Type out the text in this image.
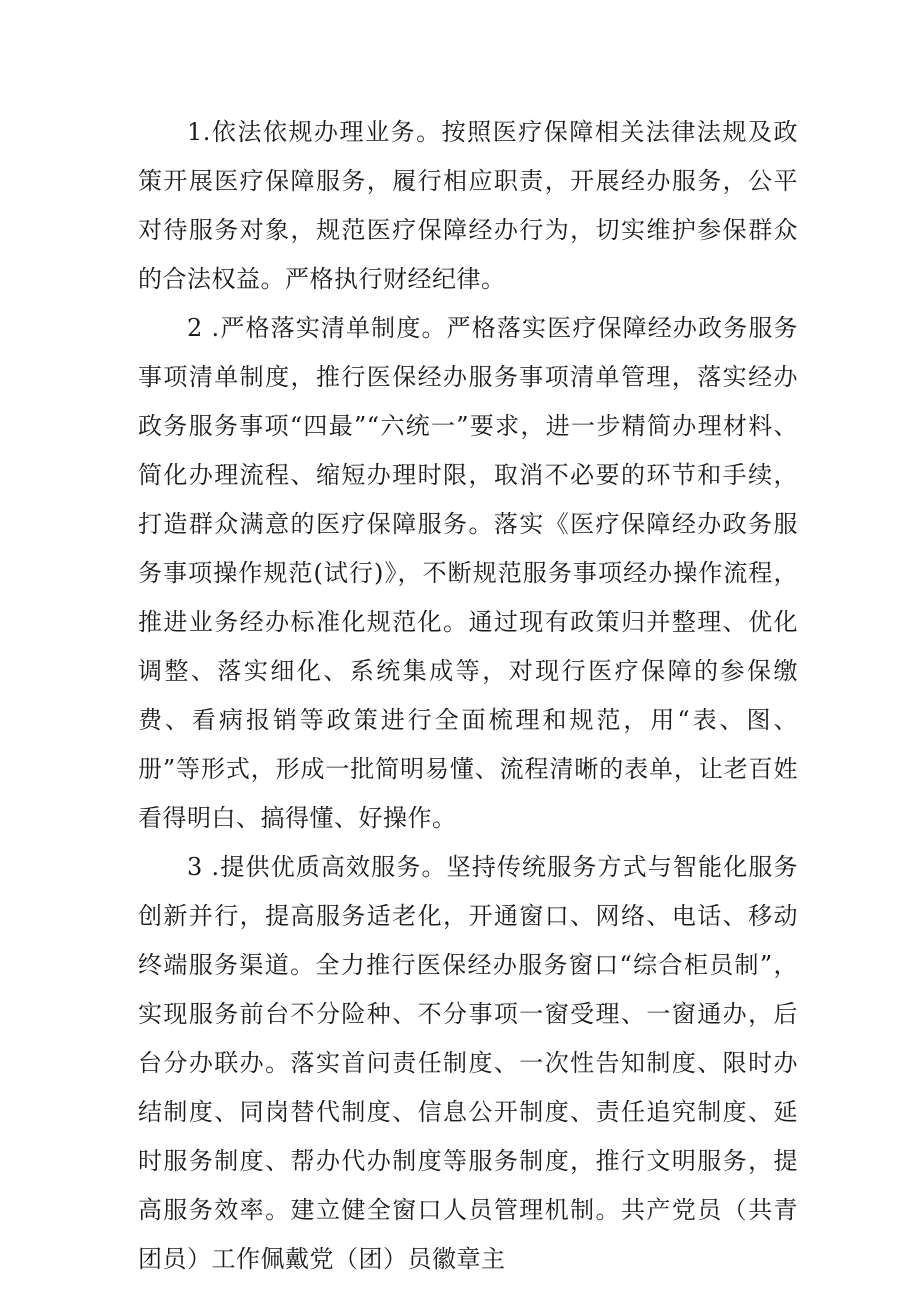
1.依法依规办理业务。按照医疗保障相关法律法规及政策开展医疗保障服务，履行相应职责，开展经办服务，公平对待服务对象，规范医疗保障经办行为，切实维护参保群众的合法权益。严格执行财经纪律。

2 .严格落实清单制度。严格落实医疗保障经办政务服务事项清单制度，推行医保经办服务事项清单管理，落实经办政务服务事项“四最”“六统一”要求，进一步精简办理材料、简化办理流程、缩短办理时限，取消不必要的环节和手续，打造群众满意的医疗保障服务。落实《医疗保障经办政务服务事项操作规范(试行)》，不断规范服务事项经办操作流程，推进业务经办标准化规范化。通过现有政策归并整理、优化调整、落实细化、系统集成等，对现行医疗保障的参保缴费、看病报销等政策进行全面梳理和规范，用“表、图、册”等形式，形成一批简明易懂、流程清晰的表单，让老百姓看得明白、搞得懂、好操作。

3 .提供优质高效服务。坚持传统服务方式与智能化服务创新并行，提高服务适老化，开通窗口、网络、电话、移动终端服务渠道。全力推行医保经办服务窗口“综合柜员制”，实现服务前台不分险种、不分事项一窗受理、一窗通办，后台分办联办。落实首问责任制度、一次性告知制度、限时办结制度、同岗替代制度、信息公开制度、责任追究制度、延时服务制度、帮办代办制度等服务制度，推行文明服务，提高服务效率。建立健全窗口人员管理机制。共产党员（共青团员）工作佩戴党（团）员徽章主
